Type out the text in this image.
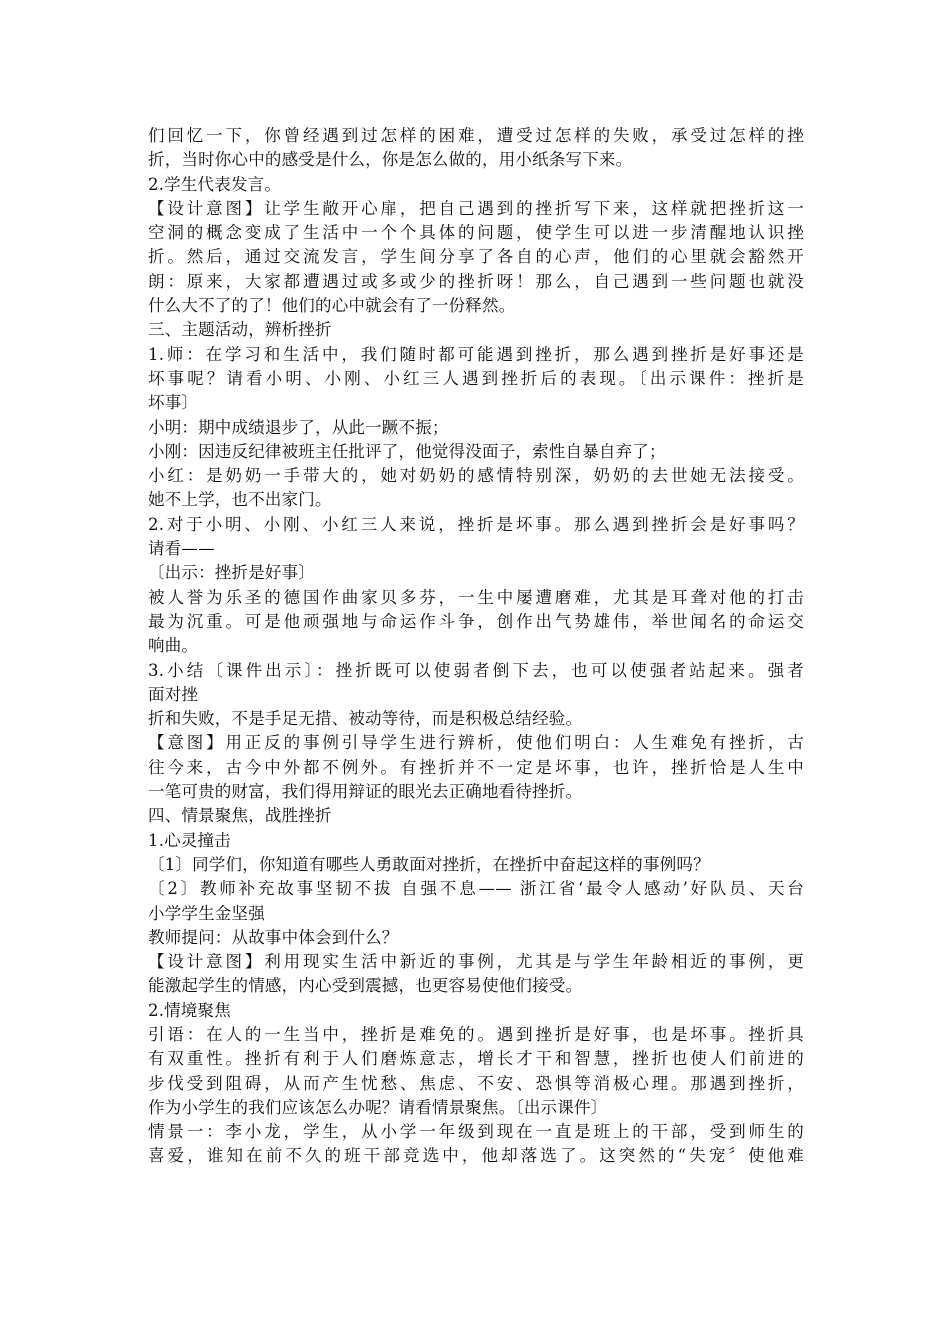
们回忆一下，你曾经遇到过怎样的困难，遭受过怎样的失败，承受过怎样的挫
折，当时你心中的感受是什么，你是怎么做的，用小纸条写下来。
2.学生代表发言。
【设计意图】让学生敞开心扉，把自己遇到的挫折写下来，这样就把挫折这一
空洞的概念变成了生活中一个个具体的问题，使学生可以进一步清醒地认识挫
折。然后，通过交流发言，学生间分享了各自的心声，他们的心里就会豁然开
朗：原来，大家都遭遇过或多或少的挫折呀！那么，自己遇到一些问题也就没
什么大不了的了！他们的心中就会有了一份释然。
三、主题活动，辨析挫折
1.师：在学习和生活中，我们随时都可能遇到挫折，那么遇到挫折是好事还是
坏事呢？请看小明、小刚、小红三人遇到挫折后的表现。〔出示课件：挫折是
坏事〕
小明：期中成绩退步了，从此一蹶不振；
小刚：因违反纪律被班主任批评了，他觉得没面子，索性自暴自弃了；
小红：是奶奶一手带大的，她对奶奶的感情特别深，奶奶的去世她无法接受。
她不上学，也不出家门。
2.对于小明、小刚、小红三人来说，挫折是坏事。那么遇到挫折会是好事吗？
请看——
〔出示：挫折是好事〕
被人誉为乐圣的德国作曲家贝多芬，一生中屡遭磨难，尤其是耳聋对他的打击
最为沉重。可是他顽强地与命运作斗争，创作出气势雄伟，举世闻名的命运交
响曲。
3.小结〔课件出示〕：挫折既可以使弱者倒下去，也可以使强者站起来。强者
面对挫
折和失败，不是手足无措、被动等待，而是积极总结经验。
【意图】用正反的事例引导学生进行辨析，使他们明白：人生难免有挫折，古
往今来，古今中外都不例外。有挫折并不一定是坏事，也许，挫折恰是人生中
一笔可贵的财富，我们得用辩证的眼光去正确地看待挫折。
四、情景聚焦，战胜挫折
1.心灵撞击
〔1〕同学们，你知道有哪些人勇敢面对挫折，在挫折中奋起这样的事例吗？
〔2〕教师补充故事坚韧不拔 自强不息—— 浙江省‘最令人感动’好队员、天台
小学学生金坚强
教师提问：从故事中体会到什么？
【设计意图】利用现实生活中新近的事例，尤其是与学生年龄相近的事例，更
能激起学生的情感，内心受到震撼，也更容易使他们接受。
2.情境聚焦
引语：在人的一生当中，挫折是难免的。遇到挫折是好事，也是坏事。挫折具
有双重性。挫折有利于人们磨炼意志，增长才干和智慧，挫折也使人们前进的
步伐受到阻碍，从而产生忧愁、焦虑、不安、恐惧等消极心理。那遇到挫折，
作为小学生的我们应该怎么办呢？请看情景聚焦。〔出示课件〕
情景一：李小龙，学生，从小学一年级到现在一直是班上的干部，受到师生的
喜爱，谁知在前不久的班干部竞选中，他却落选了。这突然的“失宠〞使他难
